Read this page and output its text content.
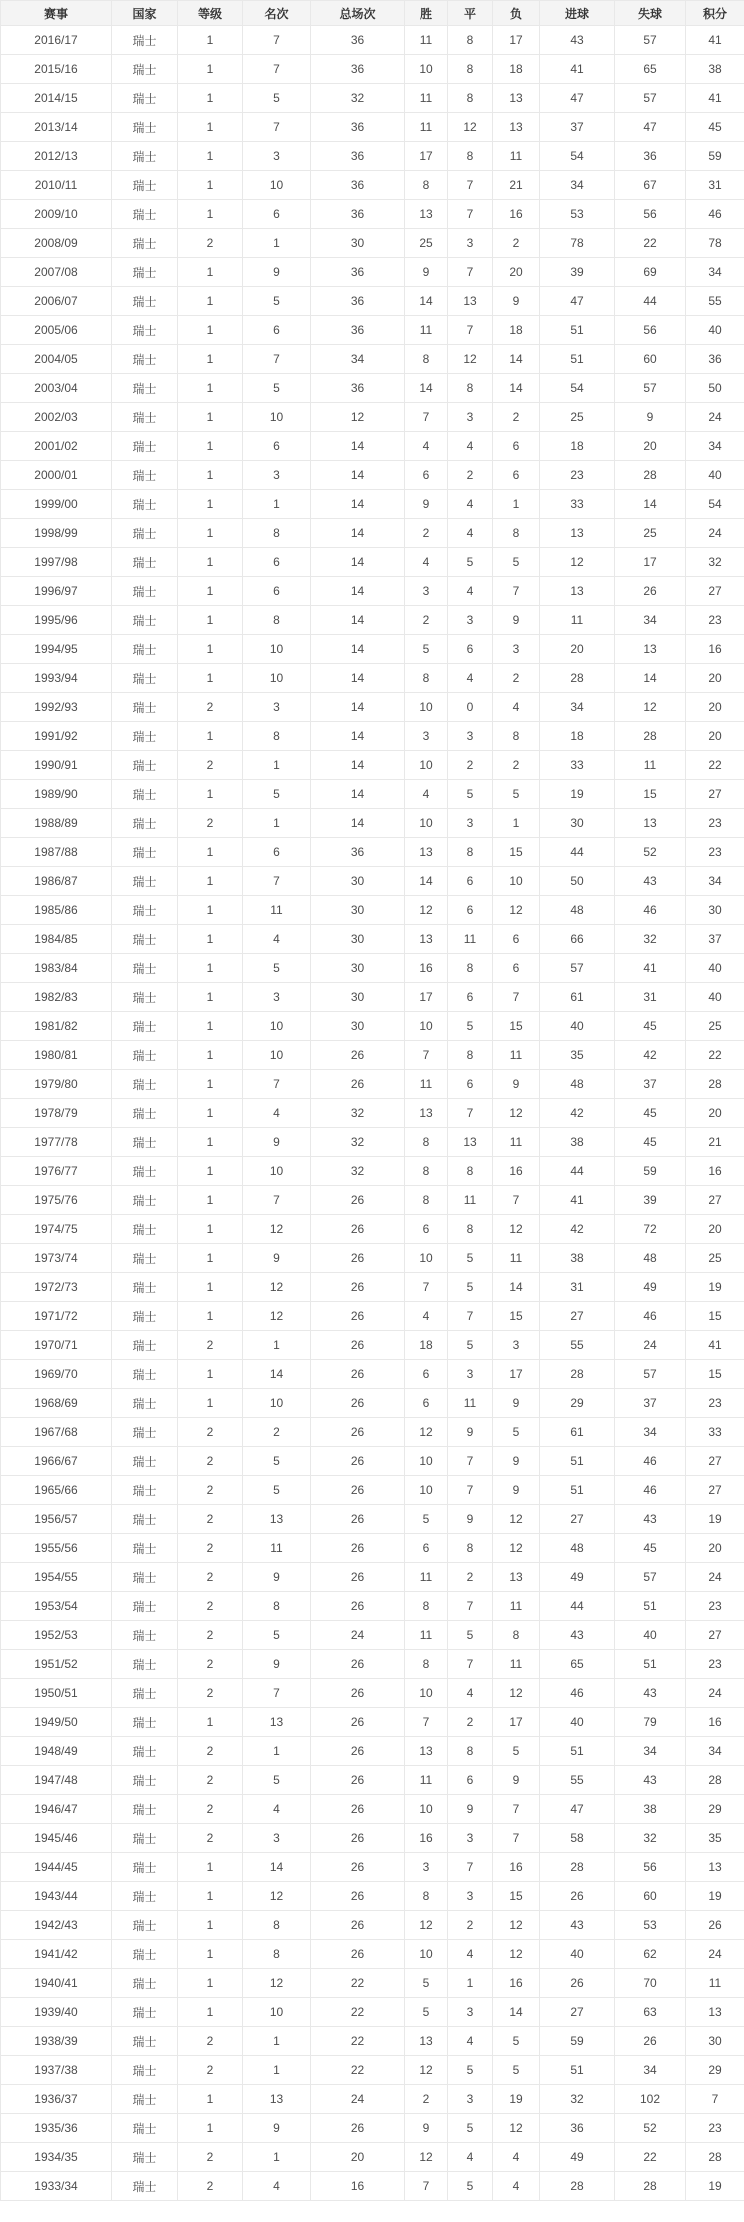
赛事	国家	等级	名次	总场次	胜	平	负	进球	失球	积分
2016/17	瑞士	1	7	36	11	8	17	43	57	41
2015/16	瑞士	1	7	36	10	8	18	41	65	38
2014/15	瑞士	1	5	32	11	8	13	47	57	41
2013/14	瑞士	1	7	36	11	12	13	37	47	45
2012/13	瑞士	1	3	36	17	8	11	54	36	59
2010/11	瑞士	1	10	36	8	7	21	34	67	31
2009/10	瑞士	1	6	36	13	7	16	53	56	46
2008/09	瑞士	2	1	30	25	3	2	78	22	78
2007/08	瑞士	1	9	36	9	7	20	39	69	34
2006/07	瑞士	1	5	36	14	13	9	47	44	55
2005/06	瑞士	1	6	36	11	7	18	51	56	40
2004/05	瑞士	1	7	34	8	12	14	51	60	36
2003/04	瑞士	1	5	36	14	8	14	54	57	50
2002/03	瑞士	1	10	12	7	3	2	25	9	24
2001/02	瑞士	1	6	14	4	4	6	18	20	34
2000/01	瑞士	1	3	14	6	2	6	23	28	40
1999/00	瑞士	1	1	14	9	4	1	33	14	54
1998/99	瑞士	1	8	14	2	4	8	13	25	24
1997/98	瑞士	1	6	14	4	5	5	12	17	32
1996/97	瑞士	1	6	14	3	4	7	13	26	27
1995/96	瑞士	1	8	14	2	3	9	11	34	23
1994/95	瑞士	1	10	14	5	6	3	20	13	16
1993/94	瑞士	1	10	14	8	4	2	28	14	20
1992/93	瑞士	2	3	14	10	0	4	34	12	20
1991/92	瑞士	1	8	14	3	3	8	18	28	20
1990/91	瑞士	2	1	14	10	2	2	33	11	22
1989/90	瑞士	1	5	14	4	5	5	19	15	27
1988/89	瑞士	2	1	14	10	3	1	30	13	23
1987/88	瑞士	1	6	36	13	8	15	44	52	23
1986/87	瑞士	1	7	30	14	6	10	50	43	34
1985/86	瑞士	1	11	30	12	6	12	48	46	30
1984/85	瑞士	1	4	30	13	11	6	66	32	37
1983/84	瑞士	1	5	30	16	8	6	57	41	40
1982/83	瑞士	1	3	30	17	6	7	61	31	40
1981/82	瑞士	1	10	30	10	5	15	40	45	25
1980/81	瑞士	1	10	26	7	8	11	35	42	22
1979/80	瑞士	1	7	26	11	6	9	48	37	28
1978/79	瑞士	1	4	32	13	7	12	42	45	20
1977/78	瑞士	1	9	32	8	13	11	38	45	21
1976/77	瑞士	1	10	32	8	8	16	44	59	16
1975/76	瑞士	1	7	26	8	11	7	41	39	27
1974/75	瑞士	1	12	26	6	8	12	42	72	20
1973/74	瑞士	1	9	26	10	5	11	38	48	25
1972/73	瑞士	1	12	26	7	5	14	31	49	19
1971/72	瑞士	1	12	26	4	7	15	27	46	15
1970/71	瑞士	2	1	26	18	5	3	55	24	41
1969/70	瑞士	1	14	26	6	3	17	28	57	15
1968/69	瑞士	1	10	26	6	11	9	29	37	23
1967/68	瑞士	2	2	26	12	9	5	61	34	33
1966/67	瑞士	2	5	26	10	7	9	51	46	27
1965/66	瑞士	2	5	26	10	7	9	51	46	27
1956/57	瑞士	2	13	26	5	9	12	27	43	19
1955/56	瑞士	2	11	26	6	8	12	48	45	20
1954/55	瑞士	2	9	26	11	2	13	49	57	24
1953/54	瑞士	2	8	26	8	7	11	44	51	23
1952/53	瑞士	2	5	24	11	5	8	43	40	27
1951/52	瑞士	2	9	26	8	7	11	65	51	23
1950/51	瑞士	2	7	26	10	4	12	46	43	24
1949/50	瑞士	1	13	26	7	2	17	40	79	16
1948/49	瑞士	2	1	26	13	8	5	51	34	34
1947/48	瑞士	2	5	26	11	6	9	55	43	28
1946/47	瑞士	2	4	26	10	9	7	47	38	29
1945/46	瑞士	2	3	26	16	3	7	58	32	35
1944/45	瑞士	1	14	26	3	7	16	28	56	13
1943/44	瑞士	1	12	26	8	3	15	26	60	19
1942/43	瑞士	1	8	26	12	2	12	43	53	26
1941/42	瑞士	1	8	26	10	4	12	40	62	24
1940/41	瑞士	1	12	22	5	1	16	26	70	11
1939/40	瑞士	1	10	22	5	3	14	27	63	13
1938/39	瑞士	2	1	22	13	4	5	59	26	30
1937/38	瑞士	2	1	22	12	5	5	51	34	29
1936/37	瑞士	1	13	24	2	3	19	32	102	7
1935/36	瑞士	1	9	26	9	5	12	36	52	23
1934/35	瑞士	2	1	20	12	4	4	49	22	28
1933/34	瑞士	2	4	16	7	5	4	28	28	19
